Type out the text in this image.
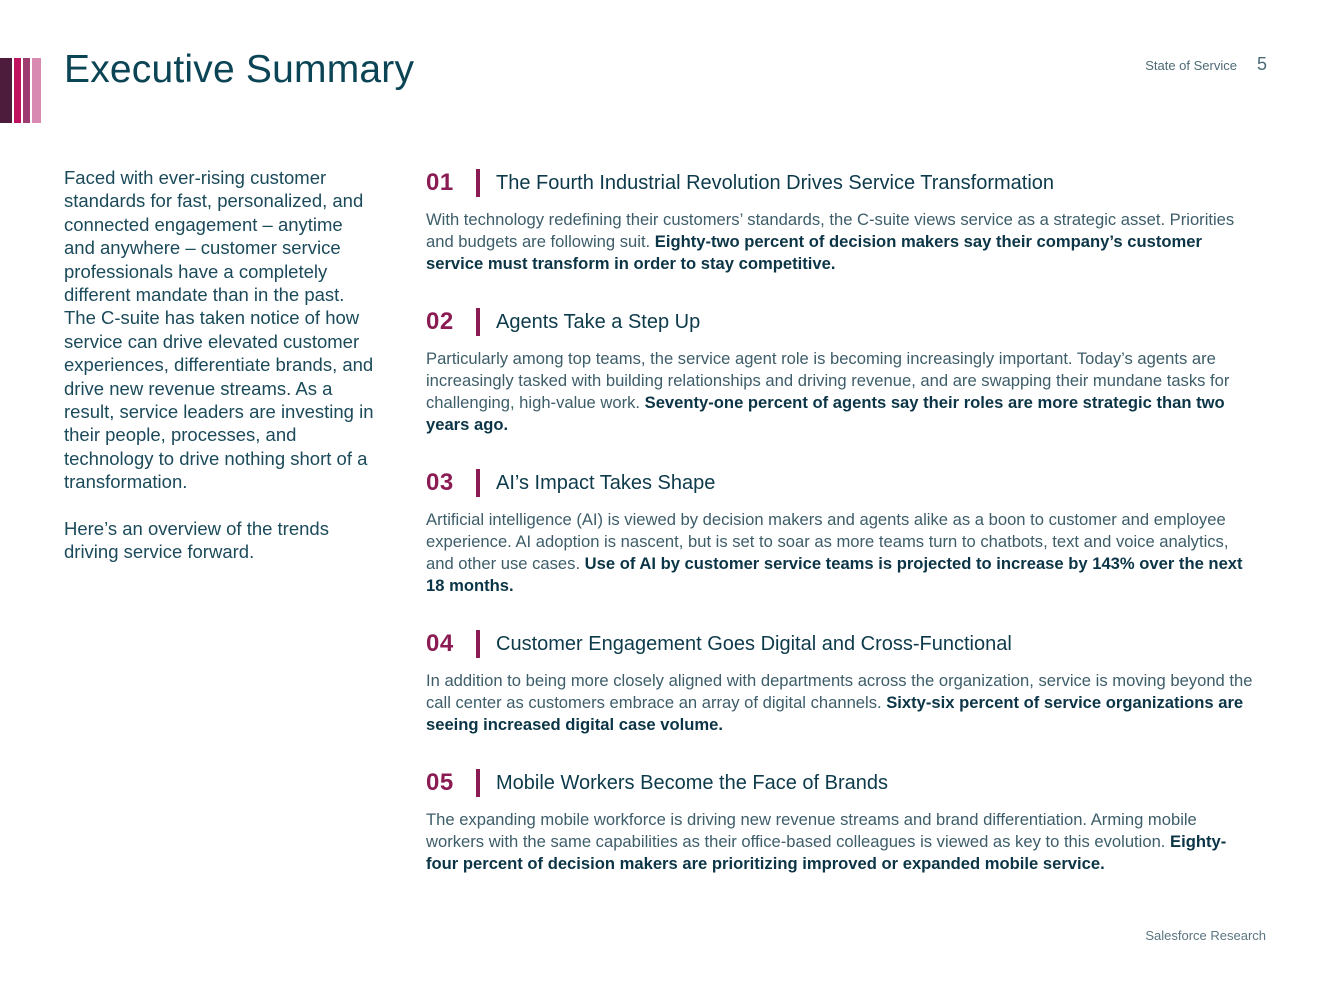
Executive Summary	State of Service 5

Faced with ever-rising customer standards for fast, personalized, and connected engagement – anytime and anywhere – customer service professionals have a completely different mandate than in the past. The C-suite has taken notice of how service can drive elevated customer experiences, differentiate brands, and drive new revenue streams. As a result, service leaders are investing in their people, processes, and technology to drive nothing short of a transformation.

Here’s an overview of the trends driving service forward.

01	The Fourth Industrial Revolution Drives Service Transformation

With technology redefining their customers’ standards, the C-suite views service as a strategic asset. Priorities and budgets are following suit. Eighty-two percent of decision makers say their company’s customer service must transform in order to stay competitive.

02	Agents Take a Step Up

Particularly among top teams, the service agent role is becoming increasingly important. Today’s agents are increasingly tasked with building relationships and driving revenue, and are swapping their mundane tasks for challenging, high-value work. Seventy-one percent of agents say their roles are more strategic than two years ago.

03	AI’s Impact Takes Shape

Artificial intelligence (AI) is viewed by decision makers and agents alike as a boon to customer and employee experience. AI adoption is nascent, but is set to soar as more teams turn to chatbots, text and voice analytics, and other use cases. Use of AI by customer service teams is projected to increase by 143% over the next 18 months.

04	Customer Engagement Goes Digital and Cross-Functional

In addition to being more closely aligned with departments across the organization, service is moving beyond the call center as customers embrace an array of digital channels. Sixty-six percent of service organizations are seeing increased digital case volume.

05	Mobile Workers Become the Face of Brands

The expanding mobile workforce is driving new revenue streams and brand differentiation. Arming mobile workers with the same capabilities as their office-based colleagues is viewed as key to this evolution. Eighty-four percent of decision makers are prioritizing improved or expanded mobile service.

Salesforce Research
